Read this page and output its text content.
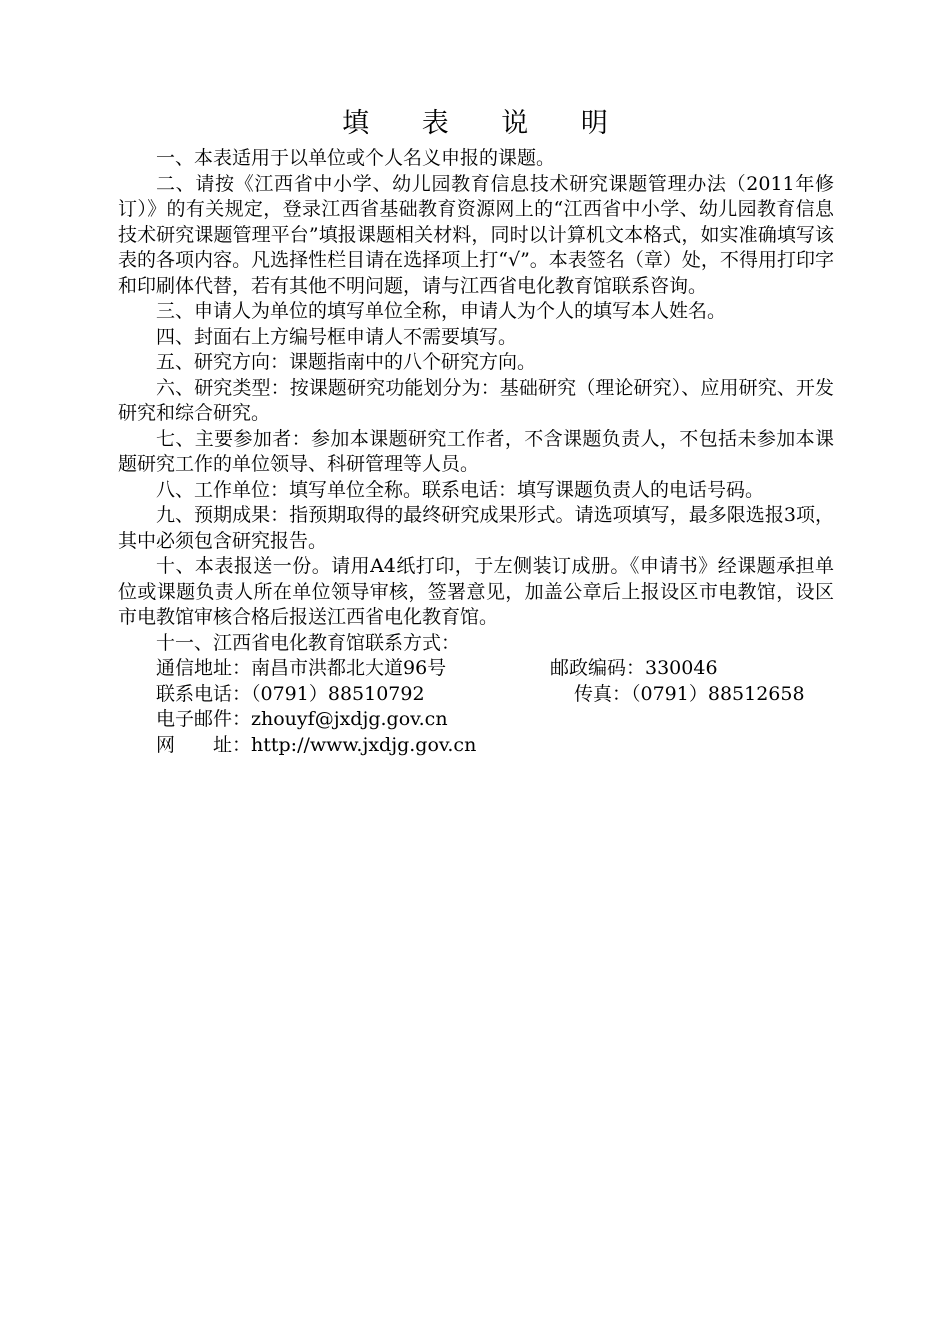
填 表 说 明

一、本表适用于以单位或个人名义申报的课题。

二、请按《江西省中小学、幼儿园教育信息技术研究课题管理办法（2011年修订）》的有关规定，登录江西省基础教育资源网上的“江西省中小学、幼儿园教育信息技术研究课题管理平台”填报课题相关材料，同时以计算机文本格式，如实准确填写该表的各项内容。凡选择性栏目请在选择项上打“√”。本表签名（章）处，不得用打印字和印刷体代替，若有其他不明问题，请与江西省电化教育馆联系咨询。

三、申请人为单位的填写单位全称，申请人为个人的填写本人姓名。

四、封面右上方编号框申请人不需要填写。

五、研究方向：课题指南中的八个研究方向。

六、研究类型：按课题研究功能划分为：基础研究（理论研究）、应用研究、开发研究和综合研究。

七、主要参加者：参加本课题研究工作者，不含课题负责人，不包括未参加本课题研究工作的单位领导、科研管理等人员。

八、工作单位：填写单位全称。联系电话：填写课题负责人的电话号码。

九、预期成果：指预期取得的最终研究成果形式。请选项填写，最多限选报3项，其中必须包含研究报告。

十、本表报送一份。请用A4纸打印，于左侧装订成册。《申请书》经课题承担单位或课题负责人所在单位领导审核，签署意见，加盖公章后上报设区市电教馆，设区市电教馆审核合格后报送江西省电化教育馆。

十一、江西省电化教育馆联系方式：

通信地址：南昌市洪都北大道96号	邮政编码：330046
联系电话：（0791）88510792	传真：（0791）88512658
电子邮件：zhouyf@jxdjg.gov.cn
网　　址：http://www.jxdjg.gov.cn
